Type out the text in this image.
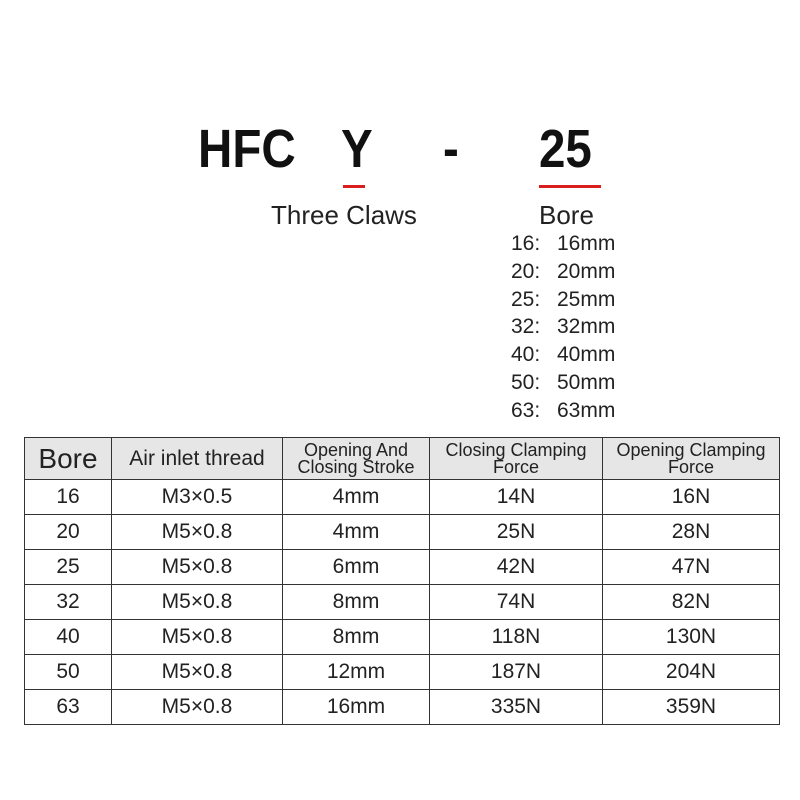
HFC Y - 25
Three Claws	Bore
16: 16mm
20: 20mm
25: 25mm
32: 32mm
40: 40mm
50: 50mm
63: 63mm
Bore	Air inlet thread	Opening And Closing Stroke	Closing Clamping Force	Opening Clamping Force
16	M3×0.5	4mm	14N	16N
20	M5×0.8	4mm	25N	28N
25	M5×0.8	6mm	42N	47N
32	M5×0.8	8mm	74N	82N
40	M5×0.8	8mm	118N	130N
50	M5×0.8	12mm	187N	204N
63	M5×0.8	16mm	335N	359N
